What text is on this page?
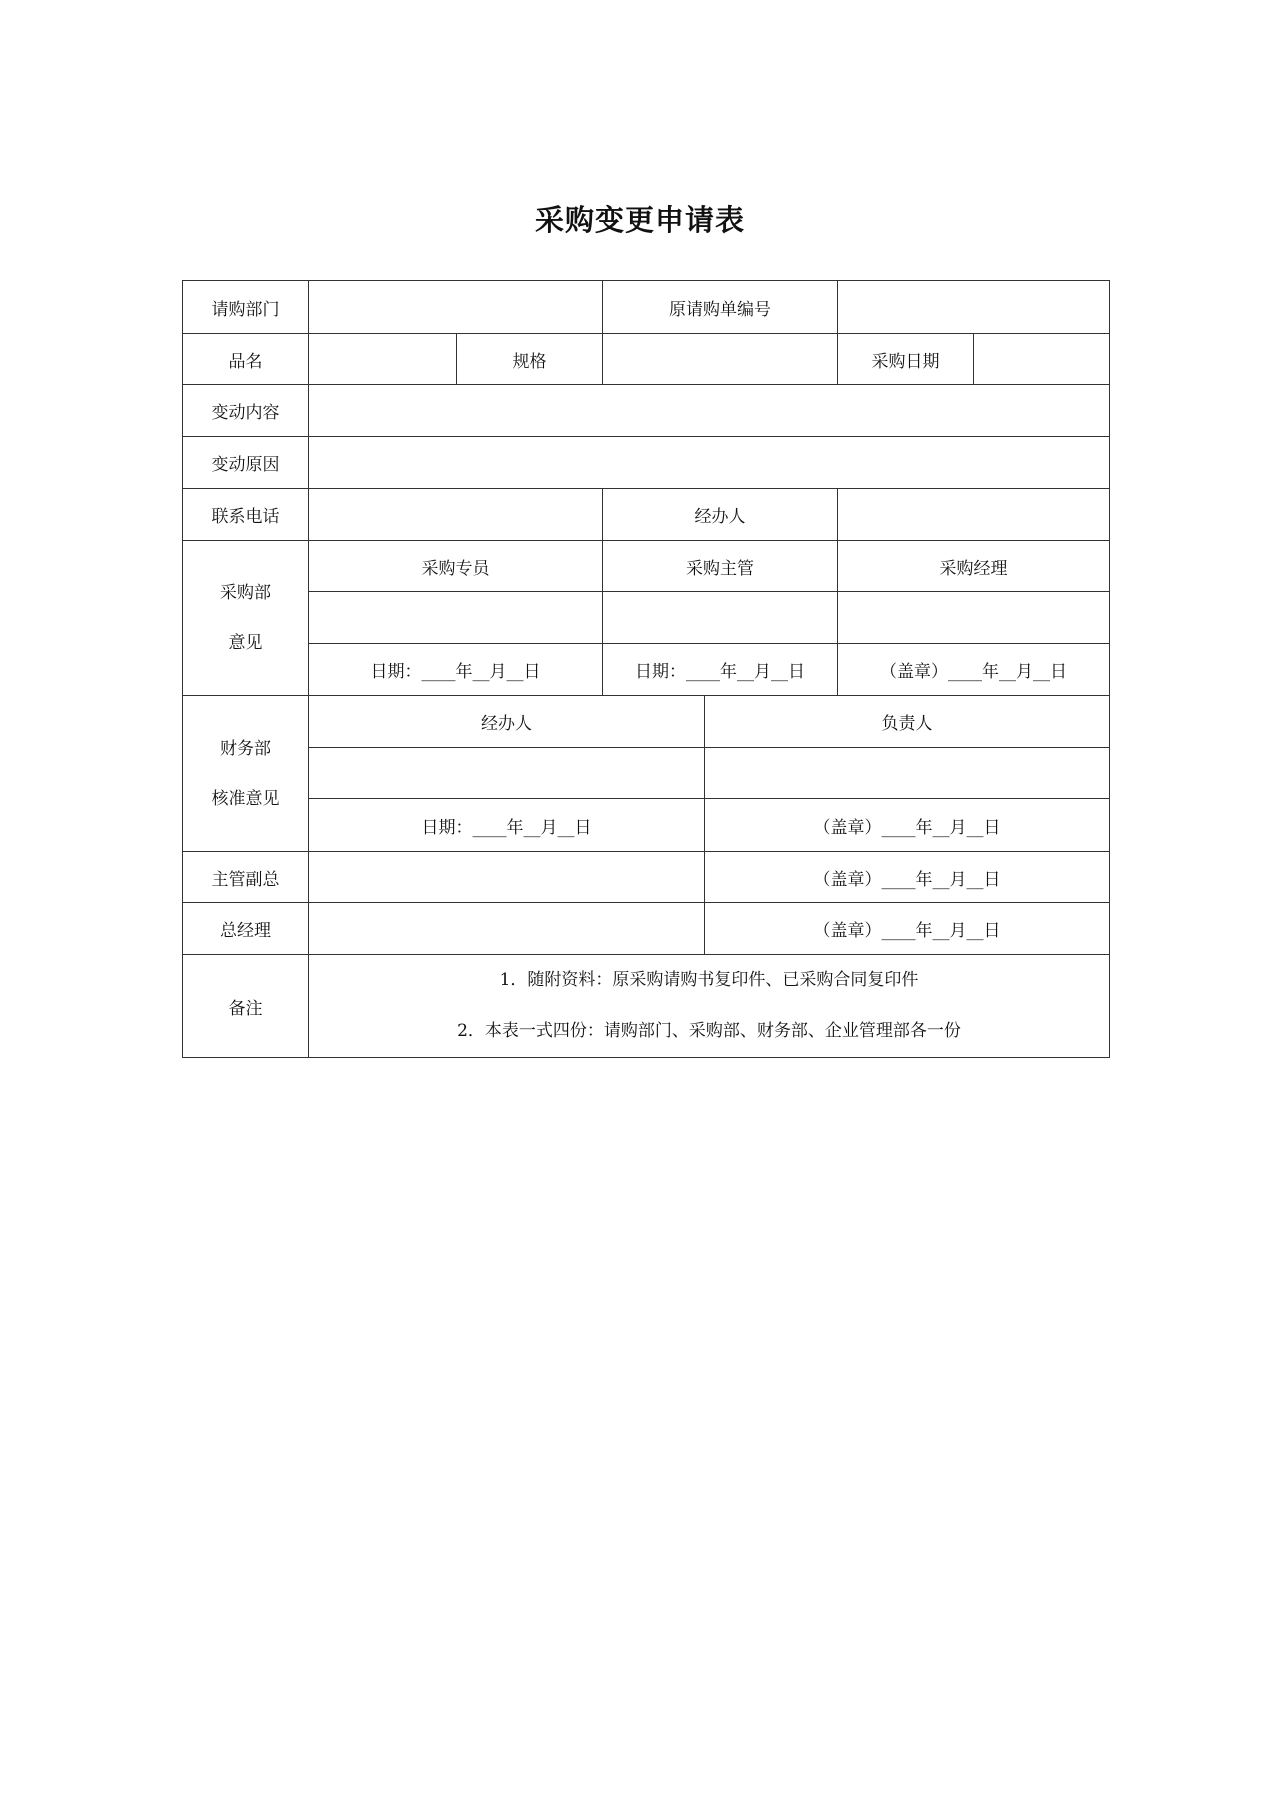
采购变更申请表
请购部门			原请购单编号			
品名		规格			采购日期	
变动内容						
变动原因						
联系电话			经办人			

采购部
意见	采购专员		采购主管		采购经理	

	日期：____年__月__日		日期：____年__月__日		（盖章）____年__月__日	

财务部
核准意见	经办人			负责人		

	日期：____年__月__日			（盖章）____年__月__日		
主管副总				（盖章）____年__月__日		
总经理				（盖章）____年__月__日		
备注	1．随附资料：原采购请购书复印件、已采购合同复印件
2．本表一式四份：请购部门、采购部、财务部、企业管理部各一份					
